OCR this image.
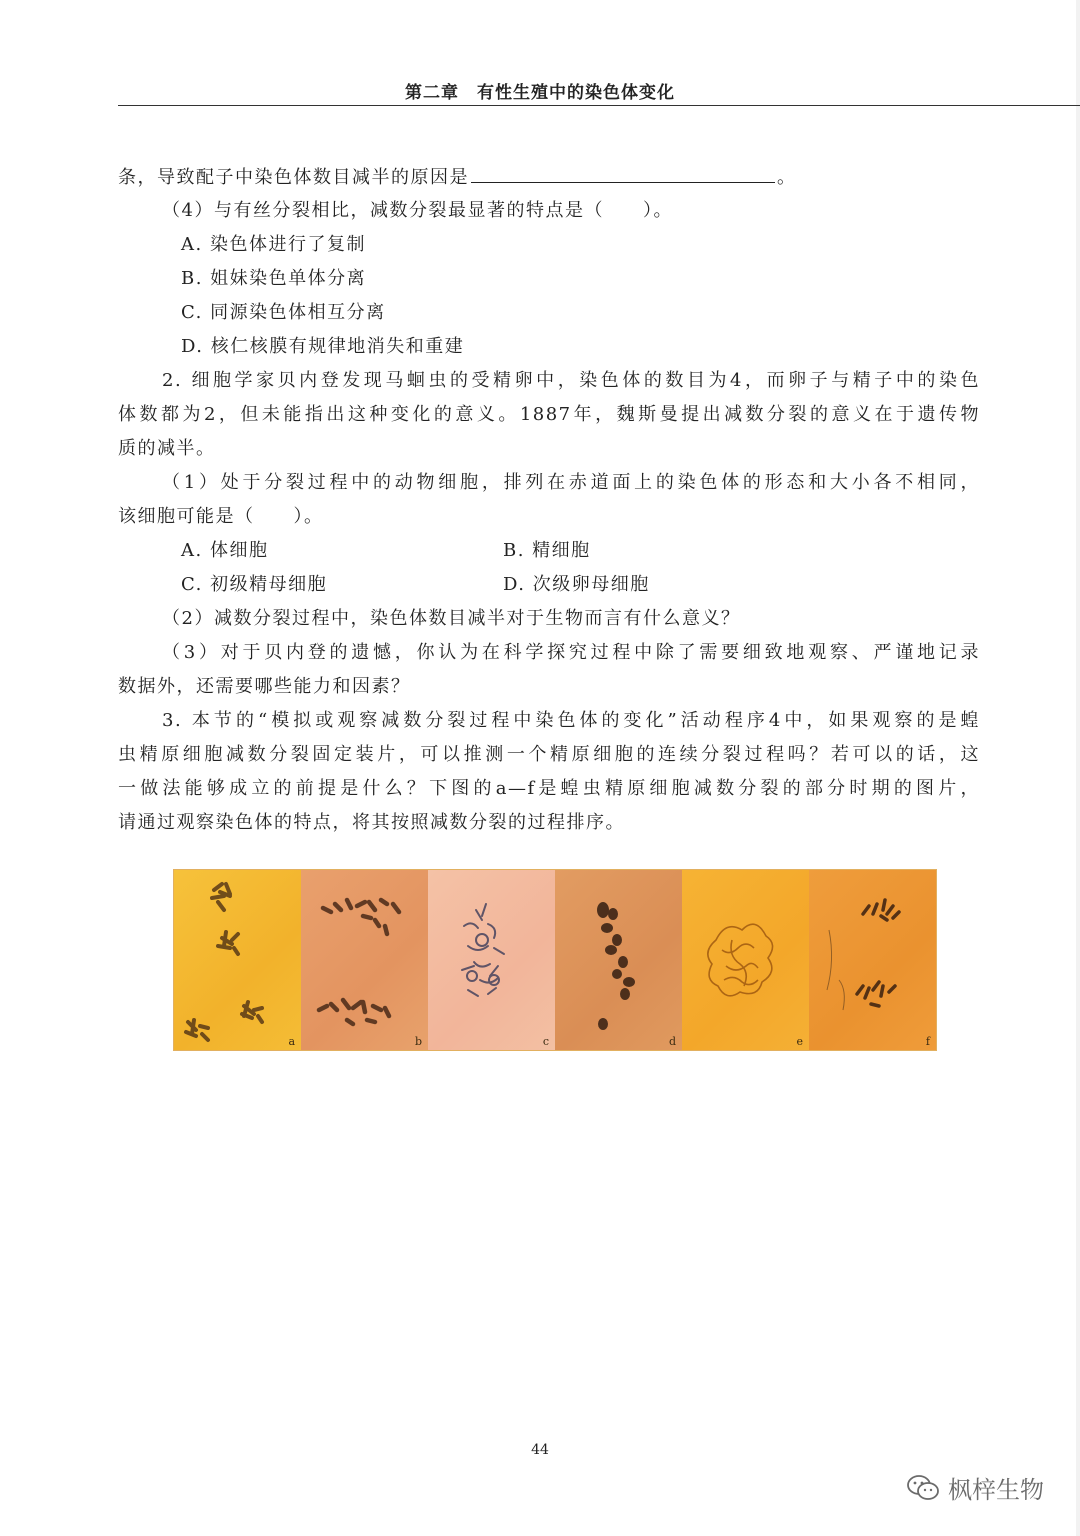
第二章　有性生殖中的染色体变化
条，导致配子中染色体数目减半的原因是	。
（4）与有丝分裂相比，减数分裂最显著的特点是（　　）。
A. 染色体进行了复制
B. 姐妹染色单体分离
C. 同源染色体相互分离
D. 核仁核膜有规律地消失和重建
2. 细胞学家贝内登发现马蛔虫的受精卵中，染色体的数目为4，而卵子与精子中的染色
体数都为2，但未能指出这种变化的意义。1887年，魏斯曼提出减数分裂的意义在于遗传物
质的减半。
（1）处于分裂过程中的动物细胞，排列在赤道面上的染色体的形态和大小各不相同，
该细胞可能是（　　）。
A. 体细胞	B. 精细胞
C. 初级精母细胞	D. 次级卵母细胞
（2）减数分裂过程中，染色体数目减半对于生物而言有什么意义？
（3）对于贝内登的遗憾，你认为在科学探究过程中除了需要细致地观察、严谨地记录
数据外，还需要哪些能力和因素？
3. 本节的“模拟或观察减数分裂过程中染色体的变化”活动程序4中，如果观察的是蝗
虫精原细胞减数分裂固定装片，可以推测一个精原细胞的连续分裂过程吗？若可以的话，这
一做法能够成立的前提是什么？下图的a—f是蝗虫精原细胞减数分裂的部分时期的图片，
请通过观察染色体的特点，将其按照减数分裂的过程排序。
a	b	c	d	e	f
44
枫梓生物
